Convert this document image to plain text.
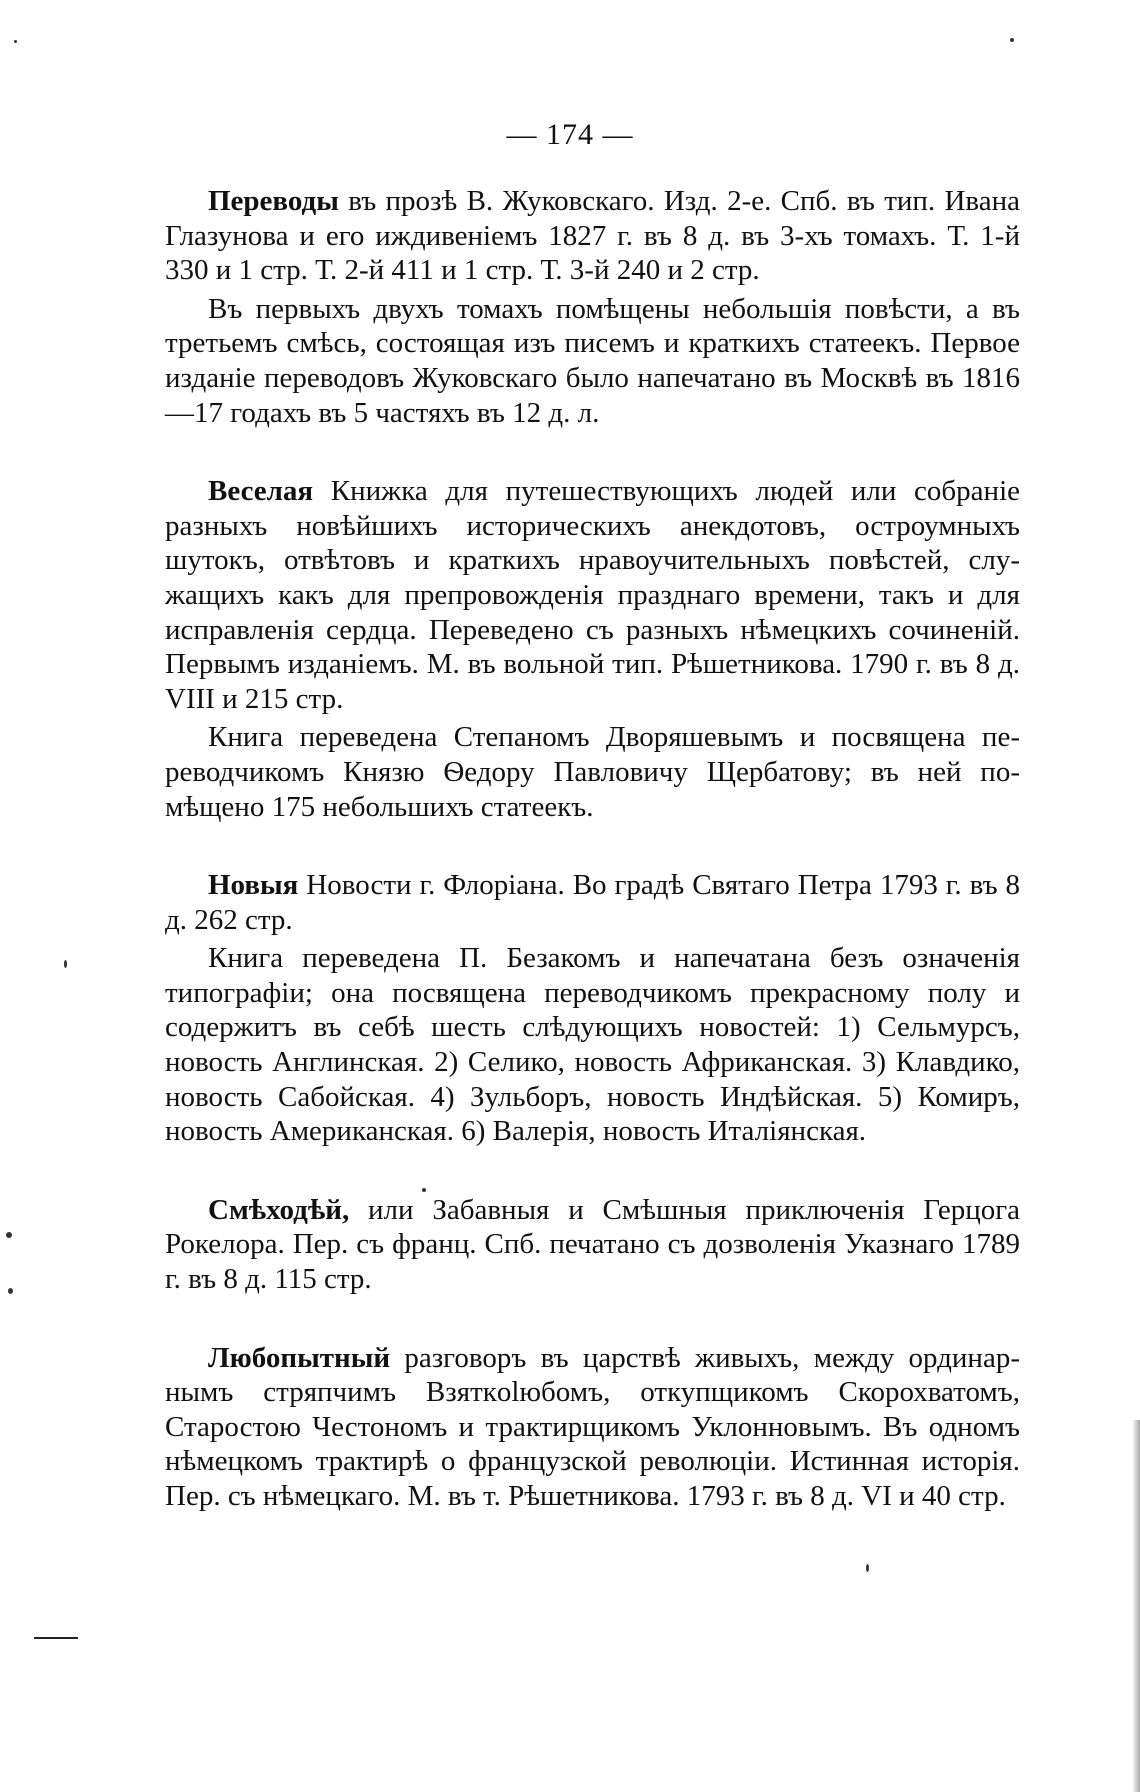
— 174 —

Переводы въ прозѣ В. Жуковскаго. Изд. 2-е. Спб. въ тип. Ивана Глазунова и его иждивеніемъ 1827 г. въ 8 д. въ 3-хъ томахъ. Т. 1-й 330 и 1 стр. Т. 2-й 411 и 1 стр. Т. 3-й 240 и 2 стр.

Въ первыхъ двухъ томахъ помѣщены небольшія повѣсти, а въ третьемъ смѣсь, состоящая изъ писемъ и краткихъ статеекъ. Первое изданіе переводовъ Жуковскаго было напечатано въ Москвѣ въ 1816—17 годахъ въ 5 частяхъ въ 12 д. л.

Веселая Книжка для путешествующихъ людей или собраніе разныхъ новѣйшихъ историческихъ анекдотовъ, остроумныхъ шутокъ, отвѣтовъ и краткихъ нравоучительныхъ повѣстей, служащихъ какъ для препровожденія празднаго времени, такъ и для исправленія сердца. Переведено съ разныхъ нѣмецкихъ сочиненій. Первымъ изданіемъ. М. въ вольной тип. Рѣшетникова. 1790 г. въ 8 д. VIII и 215 стр.

Книга переведена Степаномъ Дворяшевымъ и посвящена переводчикомъ Князю Ѳедору Павловичу Щербатову; въ ней помѣщено 175 небольшихъ статеекъ.

Новыя Новости г. Флоріана. Во градѣ Святаго Петра 1793 г. въ 8 д. 262 стр.

Книга переведена П. Безакомъ и напечатана безъ означенія типографіи; она посвящена переводчикомъ прекрасному полу и содержитъ въ себѣ шесть слѣдующихъ новостей: 1) Сельмурсъ, новость Англинская. 2) Селико, новость Африканская. 3) Клавдико, новость Сабойская. 4) Зульборъ, новость Индѣйская. 5) Комиръ, новость Американская. 6) Валерія, новость Италіянская.

Смѣходѣй, или Забавныя и Смѣшныя приключенія Герцога Рокелора. Пер. съ франц. Спб. печатано съ дозволенія Указнаго 1789 г. въ 8 д. 115 стр.

Любопытный разговоръ въ царствѣ живыхъ, между ординарнымъ стряпчимъ Взяткolюбомъ, откупщикомъ Скорохватомъ, Старостою Честономъ и трактирщикомъ Уклонновымъ. Въ одномъ нѣмецкомъ трактирѣ о французской революціи. Истинная исторія. Пер. съ нѣмецкаго. М. въ т. Рѣшетникова. 1793 г. въ 8 д. VI и 40 стр.
